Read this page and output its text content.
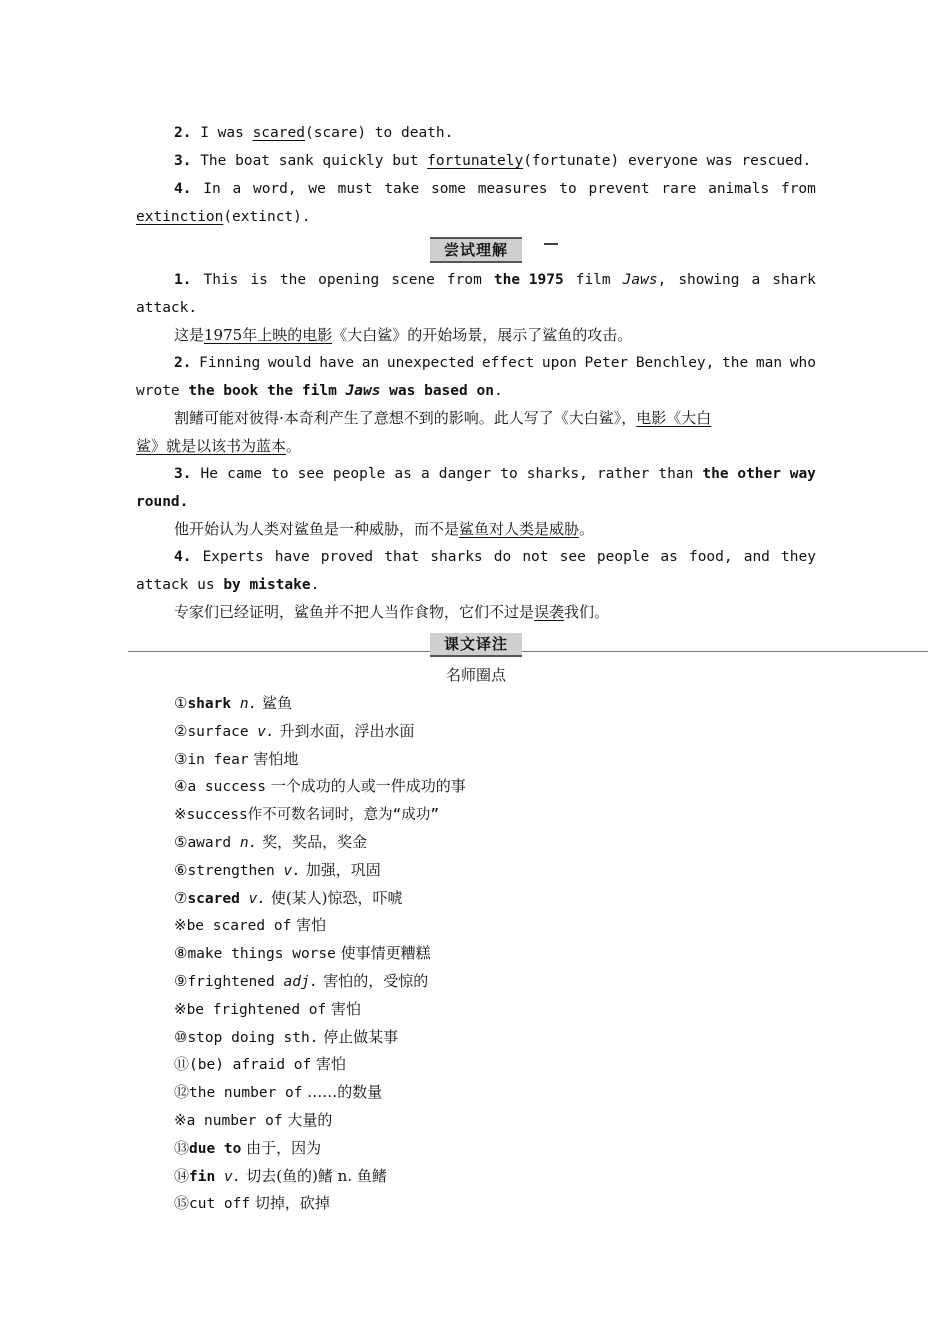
2. I was scared(scare) to death.
3. The boat sank quickly but fortunately(fortunate) everyone was rescued.
4. In a word, we must take some measures to prevent rare animals from
extinction(extinct).
尝试理解
1. This is the opening scene from the 1975 film Jaws, showing a shark
attack.
这是1975年上映的电影《大白鲨》的开始场景，展示了鲨鱼的攻击。
2. Finning would have an unexpected effect upon Peter Benchley, the man who
wrote the book the film Jaws was based on.
割鳍可能对彼得·本奇利产生了意想不到的影响。此人写了《大白鲨》，电影《大白
鲨》就是以该书为蓝本。
3. He came to see people as a danger to sharks, rather than the other way
round.
他开始认为人类对鲨鱼是一种威胁，而不是鲨鱼对人类是威胁。
4. Experts have proved that sharks do not see people as food, and they
attack us by mistake.
专家们已经证明，鲨鱼并不把人当作食物，它们不过是误袭我们。
课文译注
名师圈点
①shark n. 鲨鱼
②surface v. 升到水面，浮出水面
③in fear 害怕地
④a success 一个成功的人或一件成功的事
※success作不可数名词时，意为“成功”
⑤award n. 奖，奖品，奖金
⑥strengthen v. 加强，巩固
⑦scared v. 使(某人)惊恐，吓唬
※be scared of 害怕
⑧make things worse 使事情更糟糕
⑨frightened adj. 害怕的，受惊的
※be frightened of 害怕
⑩stop doing sth. 停止做某事
⑪(be) afraid of 害怕
⑫the number of ……的数量
※a number of 大量的
⑬due to 由于，因为
⑭fin v. 切去(鱼的)鳍 n. 鱼鳍
⑮cut off 切掉，砍掉
